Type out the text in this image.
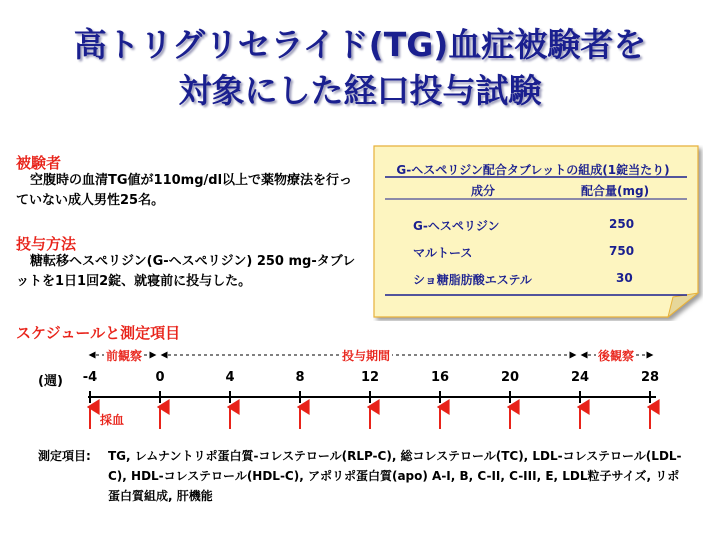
高トリグリセライド(TG)血症被験者を
対象にした経口投与試験
被験者
空腹時の血清TG値が110mg/dl以上で薬物療法を行っていない成人男性25名。
投与方法
糖転移ヘスペリジン(G-ヘスペリジン) 250 mg-タブレットを1日1回2錠、就寝前に投与した。
G-ヘスペリジン配合タブレットの組成(1錠当たり)
成分	配合量(mg)
G-ヘスペリジン	250
マルトース	750
ショ糖脂肪酸エステル	30
スケジュールと測定項目
前観察	投与期間	後観察
(週)	-4	0	4	8	12	16	20	24	28
採血
測定項目:	TG, レムナントリポ蛋白質-コレステロール(RLP-C), 総コレステロール(TC), LDL-コレステロール(LDL-C), HDL-コレステロール(HDL-C), アポリポ蛋白質(apo) A-I, B, C-II, C-III, E, LDL粒子サイズ, リポ蛋白質組成, 肝機能
